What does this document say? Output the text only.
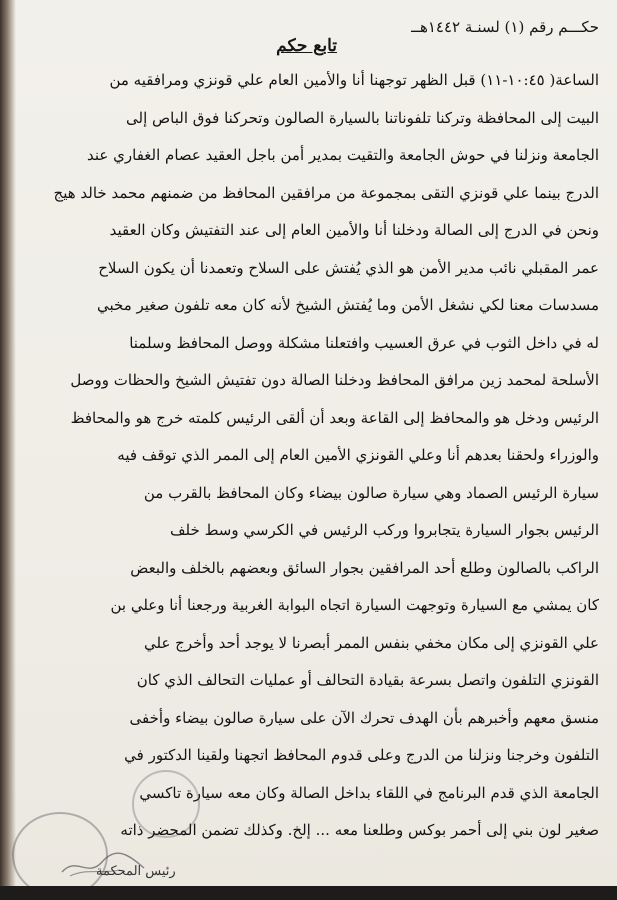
حكـــم رقم (١) لسنـة ١٤٤٢هــ
تابع حكم
الساعة( ١٠:٤٥-١١) قبل الظهر توجهنا أنا والأمين العام علي قونزي ومرافقيه من
البيت إلى المحافظة وتركنا تلفوناتنا بالسيارة الصالون وتحركنا فوق الباص إلى
الجامعة ونزلنا في حوش الجامعة والتقيت بمدير أمن باجل العقيد عصام الغفاري عند
الدرج بينما علي قونزي التقى بمجموعة من مرافقين المحافظ من ضمنهم محمد خالد هيج
ونحن في الدرج إلى الصالة ودخلنا أنا والأمين العام إلى عند التفتيش وكان العقيد
عمر المقبلي نائب مدير الأمن هو الذي يُفتش على السلاح وتعمدنا أن يكون السلاح
مسدسات معنا لكي نشغل الأمن وما يُفتش الشيخ لأنه كان معه تلفون صغير مخبي
له في داخل الثوب في عرق العسيب وافتعلنا مشكلة ووصل المحافظ وسلمنا
الأسلحة لمحمد زين مرافق المحافظ ودخلنا الصالة دون تفتيش الشيخ والحظات ووصل
الرئيس ودخل هو والمحافظ إلى القاعة وبعد أن ألقى الرئيس كلمته خرج هو والمحافظ
والوزراء ولحقنا بعدهم أنا وعلي القونزي الأمين العام إلى الممر الذي توقف فيه
سيارة الرئيس الصماد وهي سيارة صالون بيضاء وكان المحافظ بالقرب من
الرئيس بجوار السيارة يتجابروا وركب الرئيس في الكرسي وسط خلف
الراكب بالصالون وطلع أحد المرافقين بجوار السائق وبعضهم بالخلف والبعض
كان يمشي مع السيارة وتوجهت السيارة اتجاه البوابة الغربية ورجعنا أنا وعلي بن
علي القونزي إلى مكان مخفي بنفس الممر أبصرنا لا يوجد أحد وأخرج علي
القونزي التلفون واتصل بسرعة بقيادة التحالف أو عمليات التحالف الذي كان
منسق معهم وأخبرهم بأن الهدف تحرك الآن على سيارة صالون بيضاء وأخفى
التلفون وخرجنا ونزلنا من الدرج وعلى قدوم المحافظ اتجهنا ولقينا الدكتور في
الجامعة الذي قدم البرنامج في اللقاء بداخل الصالة وكان معه سيارة تاكسي
صغير لون بني إلى أحمر بوكس وطلعنا معه ... إلخ. وكذلك تضمن المحضر ذاته
رئيس المحكمة
